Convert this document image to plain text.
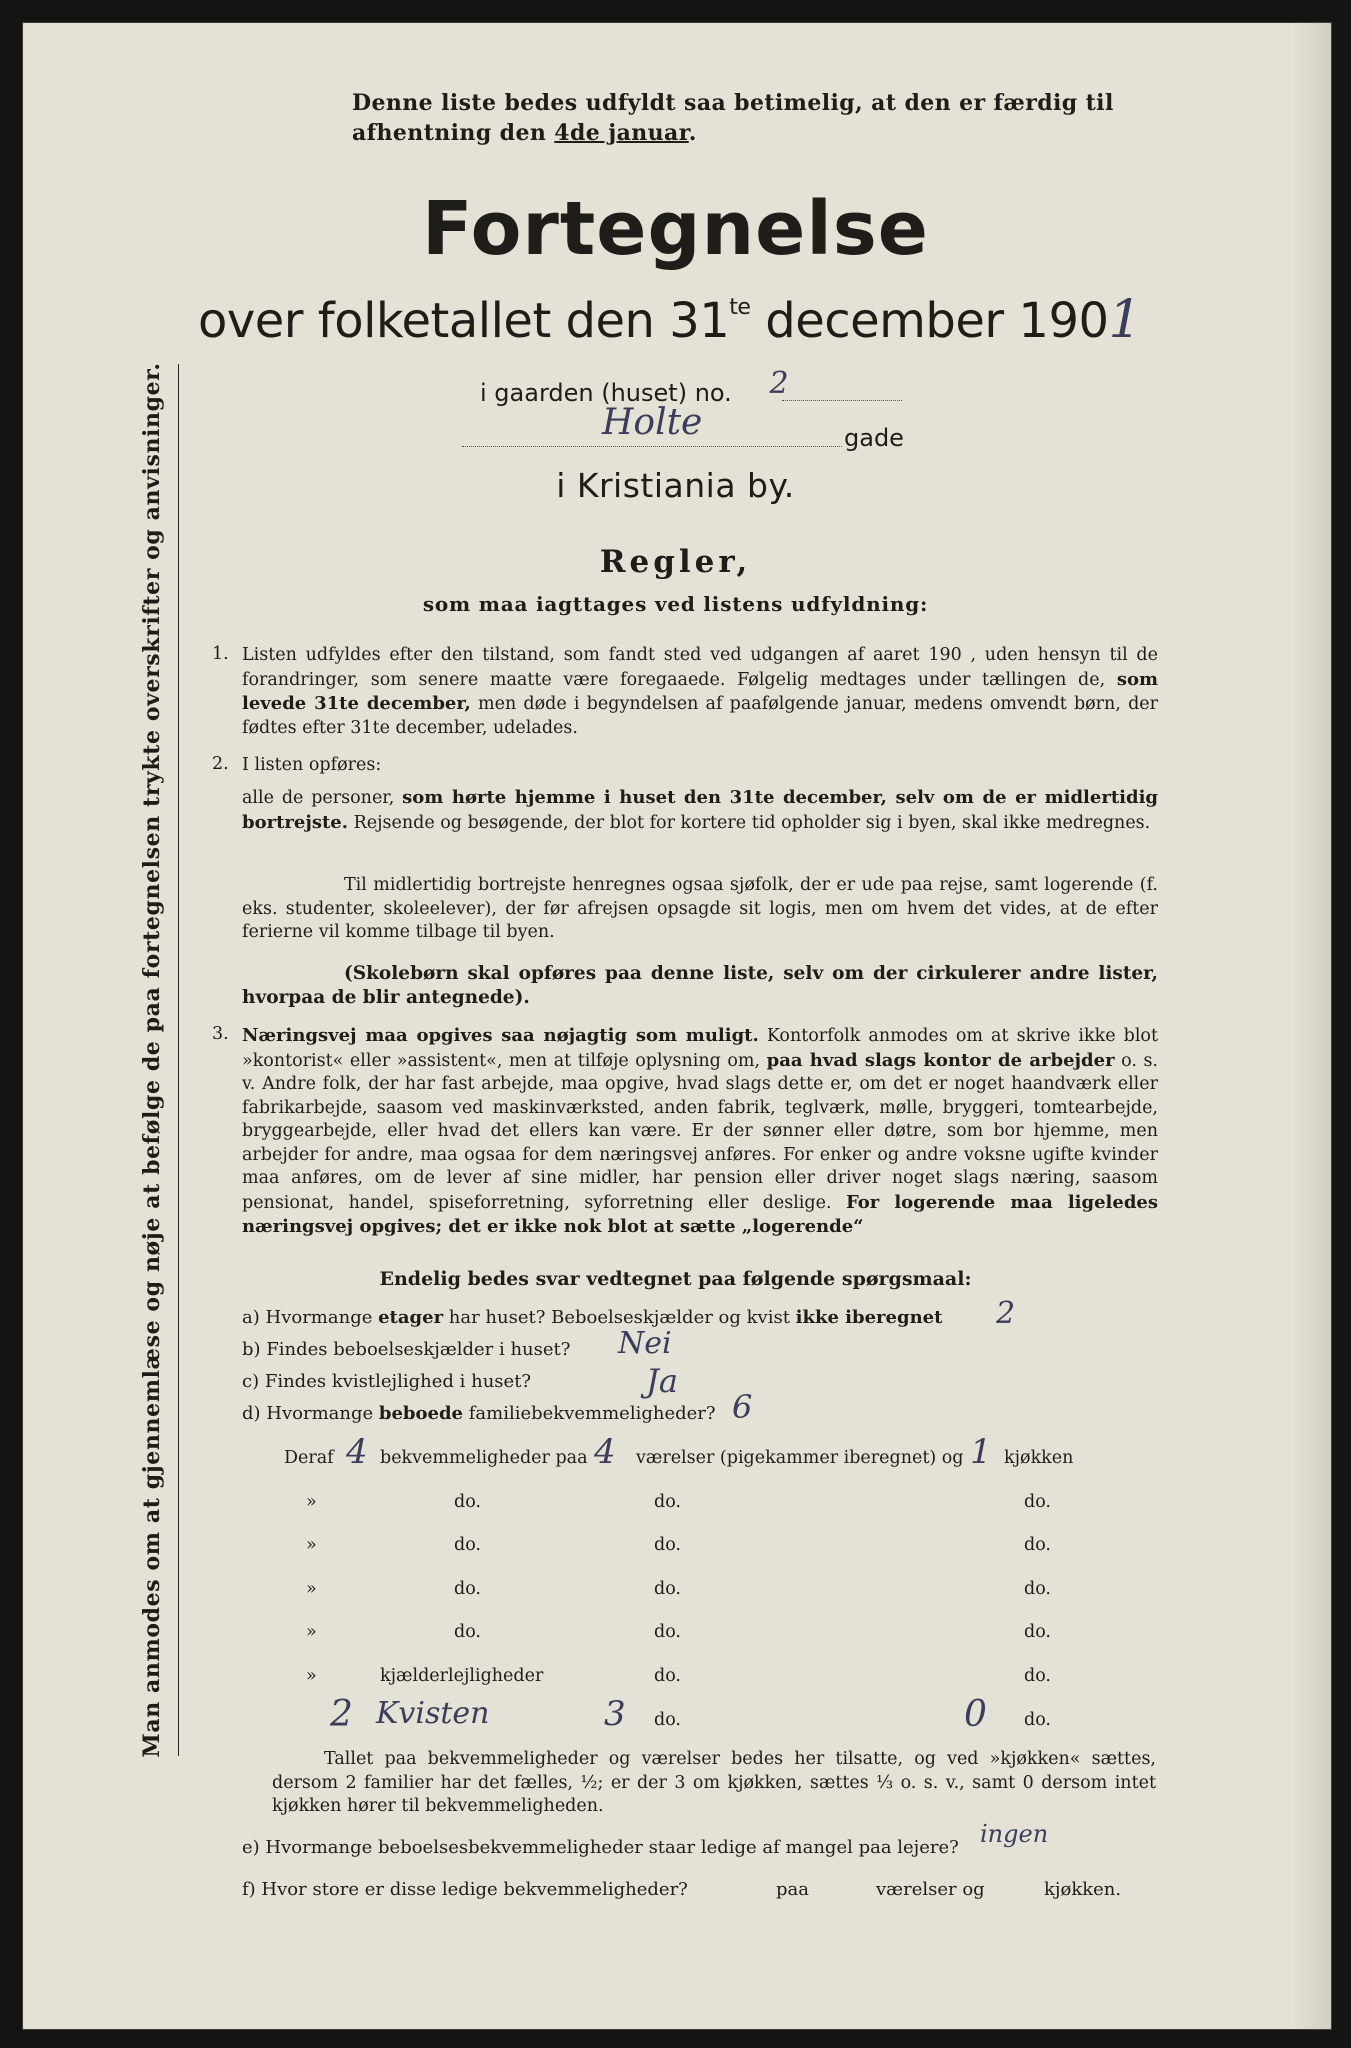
Denne liste bedes udfyldt saa betimelig, at den er færdig til
afhentning den 4de januar.
Fortegnelse
over folketallet den $31^{te}$ december 1901
i gaarden (huset) no. 2
Holte	gade
i Kristiania by.
Man anmodes om at gjennemlæse og nøje at befølge de paa fortegnelsen trykte overskrifter og anvisninger.	Regler,
som maa iagttages ved listens udfyldning:
1. Listen udfyldes efter den tilstand, som fandt sted ved udgangen af aaret 190 , uden hensyn til de forandringer, som senere maatte være foregaaede. Følgelig medtages under tællingen de, som levede 31te december, men døde i begyndelsen af paafølgende januar, medens omvendt børn, der fødtes efter 31te december, udelades.
2. I listen opføres:
alle de personer, som hørte hjemme i huset den 31te december, selv om de er midlertidig bortrejste. Rejsende og besøgende, der blot for kortere tid opholder sig i byen, skal ikke medregnes.
Til midlertidig bortrejste henregnes ogsaa sjøfolk, der er ude paa rejse, samt logerende (f. eks. studenter, skoleelever), der før afrejsen opsagde sit logis, men om hvem det vides, at de efter ferierne vil komme tilbage til byen.
(Skolebørn skal opføres paa denne liste, selv om der cirkulerer andre lister, hvorpaa de blir antegnede).
3. Næringsvej maa opgives saa nøjagtig som muligt. Kontorfolk anmodes om at skrive ikke blot »kontorist« eller »assistent«, men at tilføje oplysning om, paa hvad slags kontor de arbejder o. s. v. Andre folk, der har fast arbejde, maa opgive, hvad slags dette er, om det er noget haandværk eller fabrikarbejde, saasom ved maskinværksted, anden fabrik, teglværk, mølle, bryggeri, tomtearbejde, bryggearbejde, eller hvad det ellers kan være. Er der sønner eller døtre, som bor hjemme, men arbejder for andre, maa ogsaa for dem næringsvej anføres. For enker og andre voksne ugifte kvinder maa anføres, om de lever af sine midler, har pension eller driver noget slags næring, saasom pensionat, handel, spiseforretning, syforretning eller deslige. For logerende maa ligeledes næringsvej opgives; det er ikke nok blot at sætte „logerende“
Endelig bedes svar vedtegnet paa følgende spørgsmaal:
a) Hvormange etager har huset? Beboelseskjælder og kvist ikke iberegnet 2
b) Findes beboelseskjælder i huset? Nei
c) Findes kvistlejlighed i huset?	Ja
d) Hvormange beboede familiebekvemmeligheder? 6
Deraf 4 bekvemmeligheder paa 4 værelser (pigekammer iberegnet) og 1 kjøkken
»	do.	do.	do.
»	do.	do.	do.
»	do.	do.	do.
»	do.	do.	do.
»	kjælderlejligheder	do.	do.
2 Kvisten	3 do.	0 do.
Tallet paa bekvemmeligheder og værelser bedes her tilsatte, og ved »kjøkken« sættes, dersom 2 familier har det fælles, ½; er der 3 om kjøkken, sættes ⅓ o. s. v., samt 0 dersom intet kjøkken hører til bekvemmeligheden.
e) Hvormange beboelsesbekvemmeligheder staar ledige af mangel paa lejere? ingen
f) Hvor store er disse ledige bekvemmeligheder?	paa	værelser og	kjøkken.
